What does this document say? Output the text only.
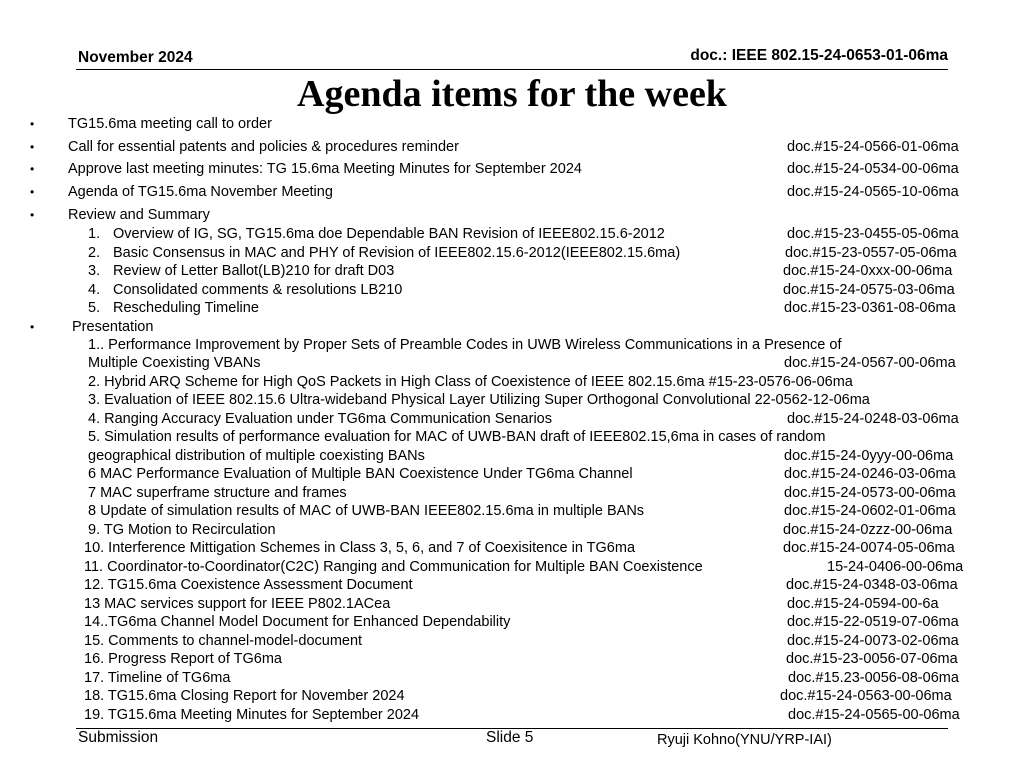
November 2024	doc.: IEEE 802.15-24-0653-01-06ma
Agenda items for the week
• TG15.6ma meeting call to order
• Call for essential patents and policies & procedures reminder	doc.#15-24-0566-01-06ma
• Approve last meeting minutes: TG 15.6ma Meeting Minutes for September 2024	doc.#15-24-0534-00-06ma
• Agenda of TG15.6ma November Meeting	doc.#15-24-0565-10-06ma
• Review and Summary
1. Overview of IG, SG, TG15.6ma doe Dependable BAN Revision of IEEE802.15.6-2012	doc.#15-23-0455-05-06ma
2. Basic Consensus in MAC and PHY of Revision of IEEE802.15.6-2012(IEEE802.15.6ma)	doc.#15-23-0557-05-06ma
3. Review of Letter Ballot(LB)210 for draft D03	doc.#15-24-0xxx-00-06ma
4. Consolidated comments & resolutions LB210	doc.#15-24-0575-03-06ma
5. Rescheduling Timeline	doc.#15-23-0361-08-06ma
•	Presentation
1.. Performance Improvement by Proper Sets of Preamble Codes in UWB Wireless Communications in a Presence of
Multiple Coexisting VBANs	doc.#15-24-0567-00-06ma
2. Hybrid ARQ Scheme for High QoS Packets in High Class of Coexistence of IEEE 802.15.6ma #15-23-0576-06-06ma
3. Evaluation of IEEE 802.15.6 Ultra-wideband Physical Layer Utilizing Super Orthogonal Convolutional 22-0562-12-06ma
4. Ranging Accuracy Evaluation under TG6ma Communication Senarios	doc.#15-24-0248-03-06ma
5. Simulation results of performance evaluation for MAC of UWB-BAN draft of IEEE802.15,6ma in cases of random
geographical distribution of multiple coexisting BANs	doc.#15-24-0yyy-00-06ma
6 MAC Performance Evaluation of Multiple BAN Coexistence Under TG6ma Channel	doc.#15-24-0246-03-06ma
7 MAC superframe structure and frames	doc.#15-24-0573-00-06ma
8 Update of simulation results of MAC of UWB-BAN IEEE802.15.6ma in multiple BANs	doc.#15-24-0602-01-06ma
9. TG Motion to Recirculation	doc.#15-24-0zzz-00-06ma
10. Interference Mittigation Schemes in Class 3, 5, 6, and 7 of Coexisitence in TG6ma	doc.#15-24-0074-05-06ma
11. Coordinator-to-Coordinator(C2C) Ranging and Communication for Multiple BAN Coexistence	15-24-0406-00-06ma
12. TG15.6ma Coexistence Assessment Document	doc.#15-24-0348-03-06ma
13 MAC services support for IEEE P802.1ACea	doc.#15-24-0594-00-6a
14..TG6ma Channel Model Document for Enhanced Dependability	doc.#15-22-0519-07-06ma
15. Comments to channel-model-document	doc.#15-24-0073-02-06ma
16. Progress Report of TG6ma	doc.#15-23-0056-07-06ma
17. Timeline of TG6ma	doc.#15.23-0056-08-06ma
18. TG15.6ma Closing Report for November 2024	doc.#15-24-0563-00-06ma
19. TG15.6ma Meeting Minutes for September 2024	doc.#15-24-0565-00-06ma
Submission	Slide 5	Ryuji Kohno(YNU/YRP-IAI)
